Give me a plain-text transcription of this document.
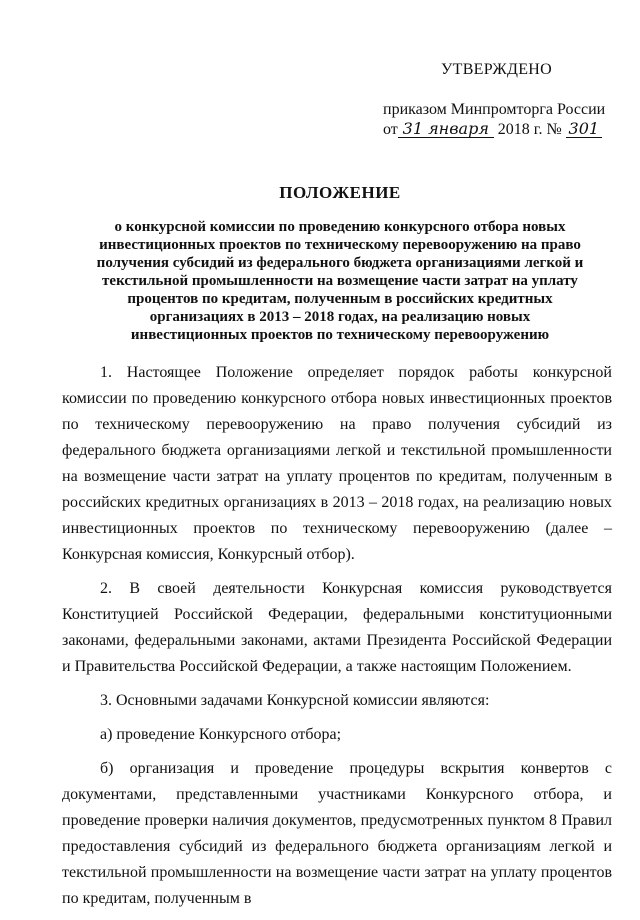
УТВЕРЖДЕНО
приказом Минпромторга России
от 31 января 2018 г. № 301
ПОЛОЖЕНИЕ
о конкурсной комиссии по проведению конкурсного отбора новых инвестиционных проектов по техническому перевооружению на право получения субсидий из федерального бюджета организациями легкой и текстильной промышленности на возмещение части затрат на уплату процентов по кредитам, полученным в российских кредитных организациях в 2013 – 2018 годах, на реализацию новых инвестиционных проектов по техническому перевооружению

1. Настоящее Положение определяет порядок работы конкурсной комиссии по проведению конкурсного отбора новых инвестиционных проектов по техническому перевооружению на право получения субсидий из федерального бюджета организациями легкой и текстильной промышленности на возмещение части затрат на уплату процентов по кредитам, полученным в российских кредитных организациях в 2013 – 2018 годах, на реализацию новых инвестиционных проектов по техническому перевооружению (далее – Конкурсная комиссия, Конкурсный отбор).

2. В своей деятельности Конкурсная комиссия руководствуется Конституцией Российской Федерации, федеральными конституционными законами, федеральными законами, актами Президента Российской Федерации и Правительства Российской Федерации, а также настоящим Положением.

3. Основными задачами Конкурсной комиссии являются:

а) проведение Конкурсного отбора;

б) организация и проведение процедуры вскрытия конвертов с документами, представленными участниками Конкурсного отбора, и проведение проверки наличия документов, предусмотренных пунктом 8 Правил предоставления субсидий из федерального бюджета организациям легкой и текстильной промышленности на возмещение части затрат на уплату процентов по кредитам, полученным в
